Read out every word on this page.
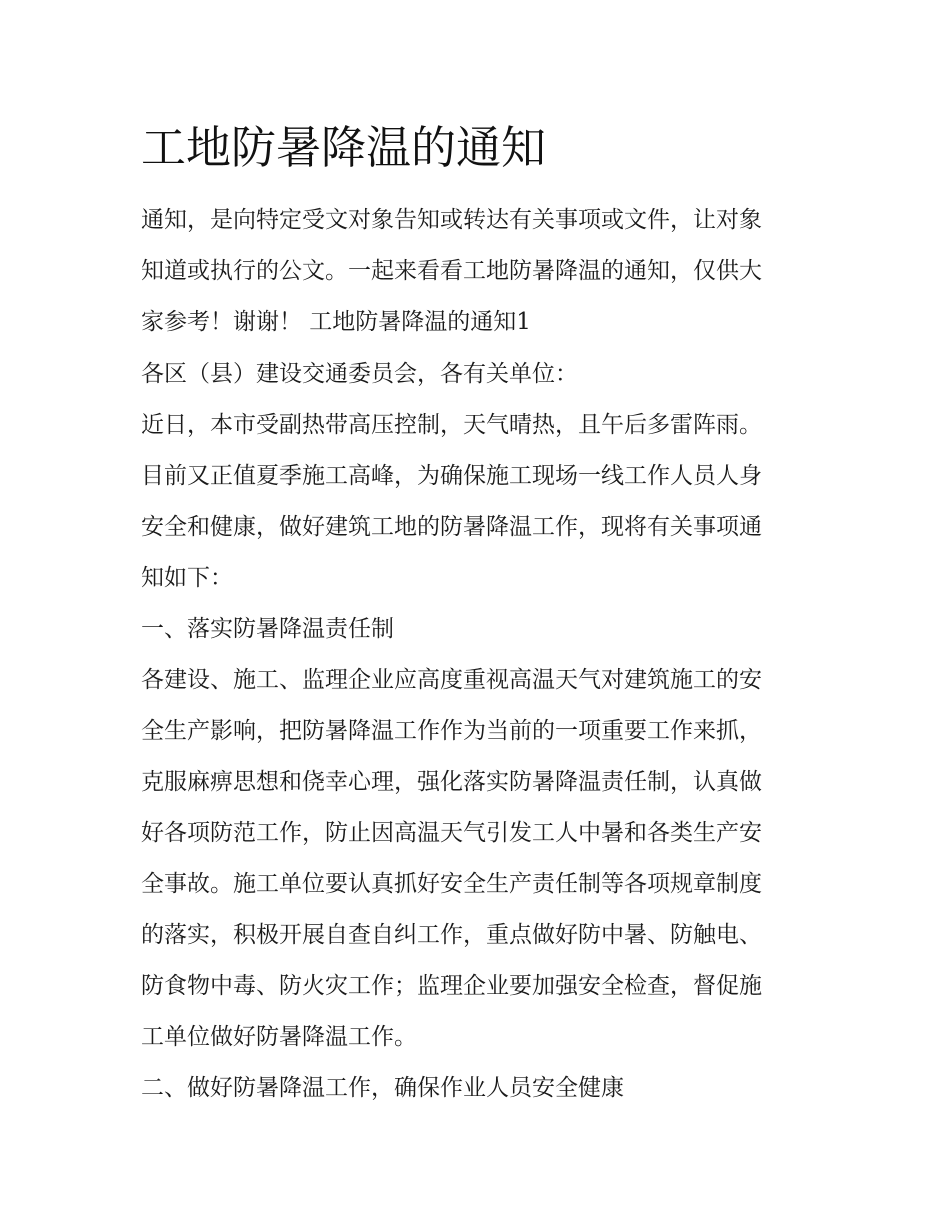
工地防暑降温的通知

通知，是向特定受文对象告知或转达有关事项或文件，让对象

知道或执行的公文。一起来看看工地防暑降温的通知，仅供大

家参考！谢谢！ 工地防暑降温的通知1

各区（县）建设交通委员会，各有关单位：

近日，本市受副热带高压控制，天气晴热，且午后多雷阵雨。

目前又正值夏季施工高峰，为确保施工现场一线工作人员人身

安全和健康，做好建筑工地的防暑降温工作，现将有关事项通

知如下：

一、落实防暑降温责任制

各建设、施工、监理企业应高度重视高温天气对建筑施工的安

全生产影响，把防暑降温工作作为当前的一项重要工作来抓，

克服麻痹思想和侥幸心理，强化落实防暑降温责任制，认真做

好各项防范工作，防止因高温天气引发工人中暑和各类生产安

全事故。施工单位要认真抓好安全生产责任制等各项规章制度

的落实，积极开展自查自纠工作，重点做好防中暑、防触电、

防食物中毒、防火灾工作；监理企业要加强安全检查，督促施

工单位做好防暑降温工作。

二、做好防暑降温工作，确保作业人员安全健康
